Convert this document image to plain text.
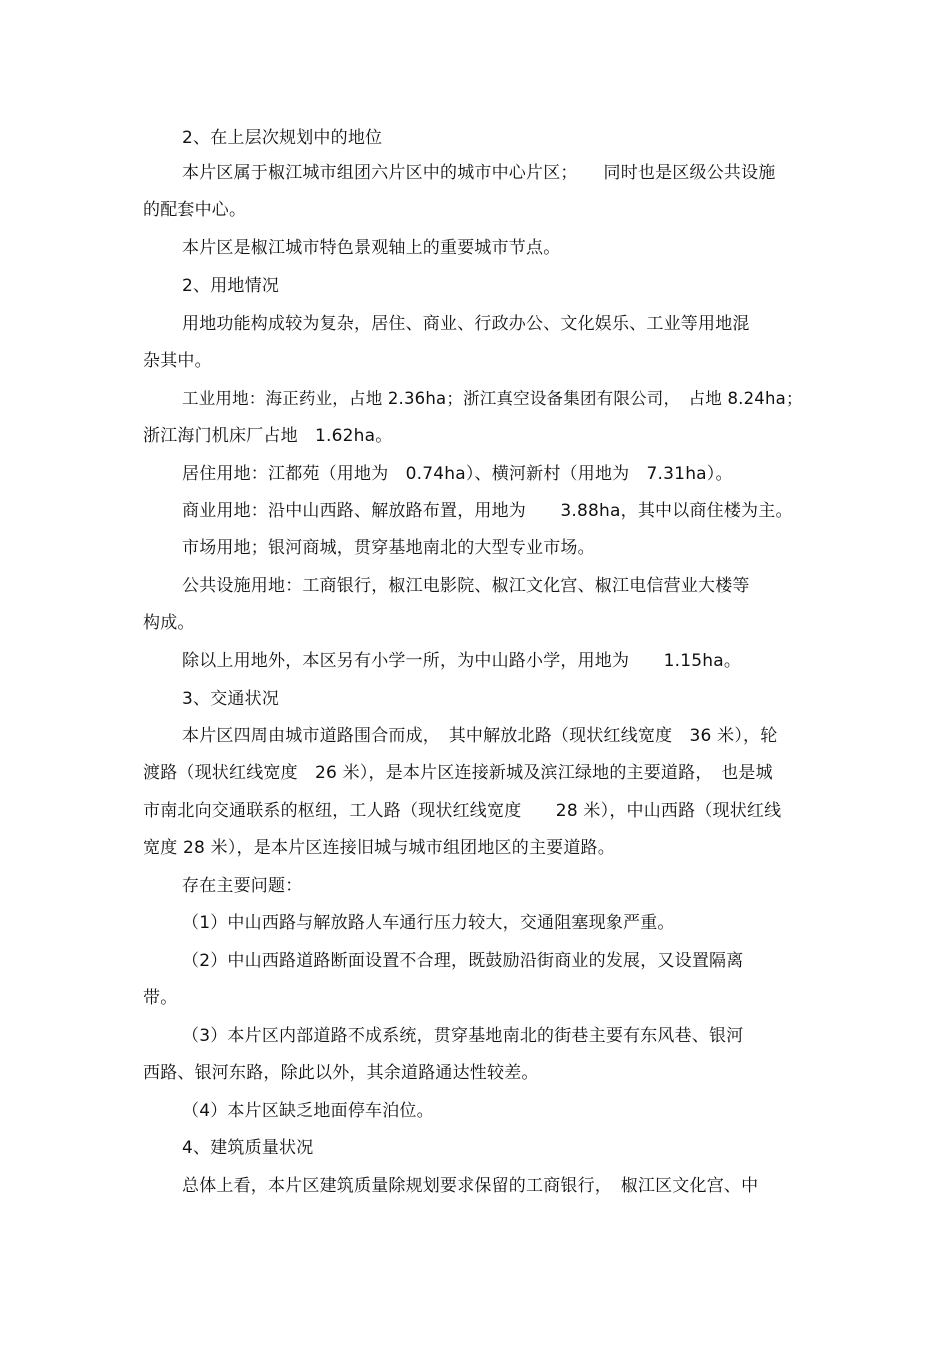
2、在上层次规划中的地位
本片区属于椒江城市组团六片区中的城市中心片区；　　同时也是区级公共设施
的配套中心。
本片区是椒江城市特色景观轴上的重要城市节点。
2、用地情况
用地功能构成较为复杂，居住、商业、行政办公、文化娱乐、工业等用地混
杂其中。
工业用地：海正药业，占地 2.36ha；浙江真空设备集团有限公司，　占地 8.24ha；
浙江海门机床厂占地　1.62ha。
居住用地：江都苑（用地为　0.74ha）、横河新村（用地为　7.31ha）。
商业用地：沿中山西路、解放路布置，用地为　　3.88ha，其中以商住楼为主。
市场用地；银河商城，贯穿基地南北的大型专业市场。
公共设施用地：工商银行，椒江电影院、椒江文化宫、椒江电信营业大楼等
构成。
除以上用地外，本区另有小学一所，为中山路小学，用地为　　1.15ha。
3、交通状况
本片区四周由城市道路围合而成，　其中解放北路（现状红线宽度　36 米），轮
渡路（现状红线宽度　26 米），是本片区连接新城及滨江绿地的主要道路，　也是城
市南北向交通联系的枢纽，工人路（现状红线宽度　　28 米），中山西路（现状红线
宽度 28 米），是本片区连接旧城与城市组团地区的主要道路。
存在主要问题：
（1）中山西路与解放路人车通行压力较大，交通阻塞现象严重。
（2）中山西路道路断面设置不合理，既鼓励沿街商业的发展，又设置隔离
带。
（3）本片区内部道路不成系统，贯穿基地南北的街巷主要有东风巷、银河
西路、银河东路，除此以外，其余道路通达性较差。
（4）本片区缺乏地面停车泊位。
4、建筑质量状况
总体上看，本片区建筑质量除规划要求保留的工商银行，　椒江区文化宫、中
